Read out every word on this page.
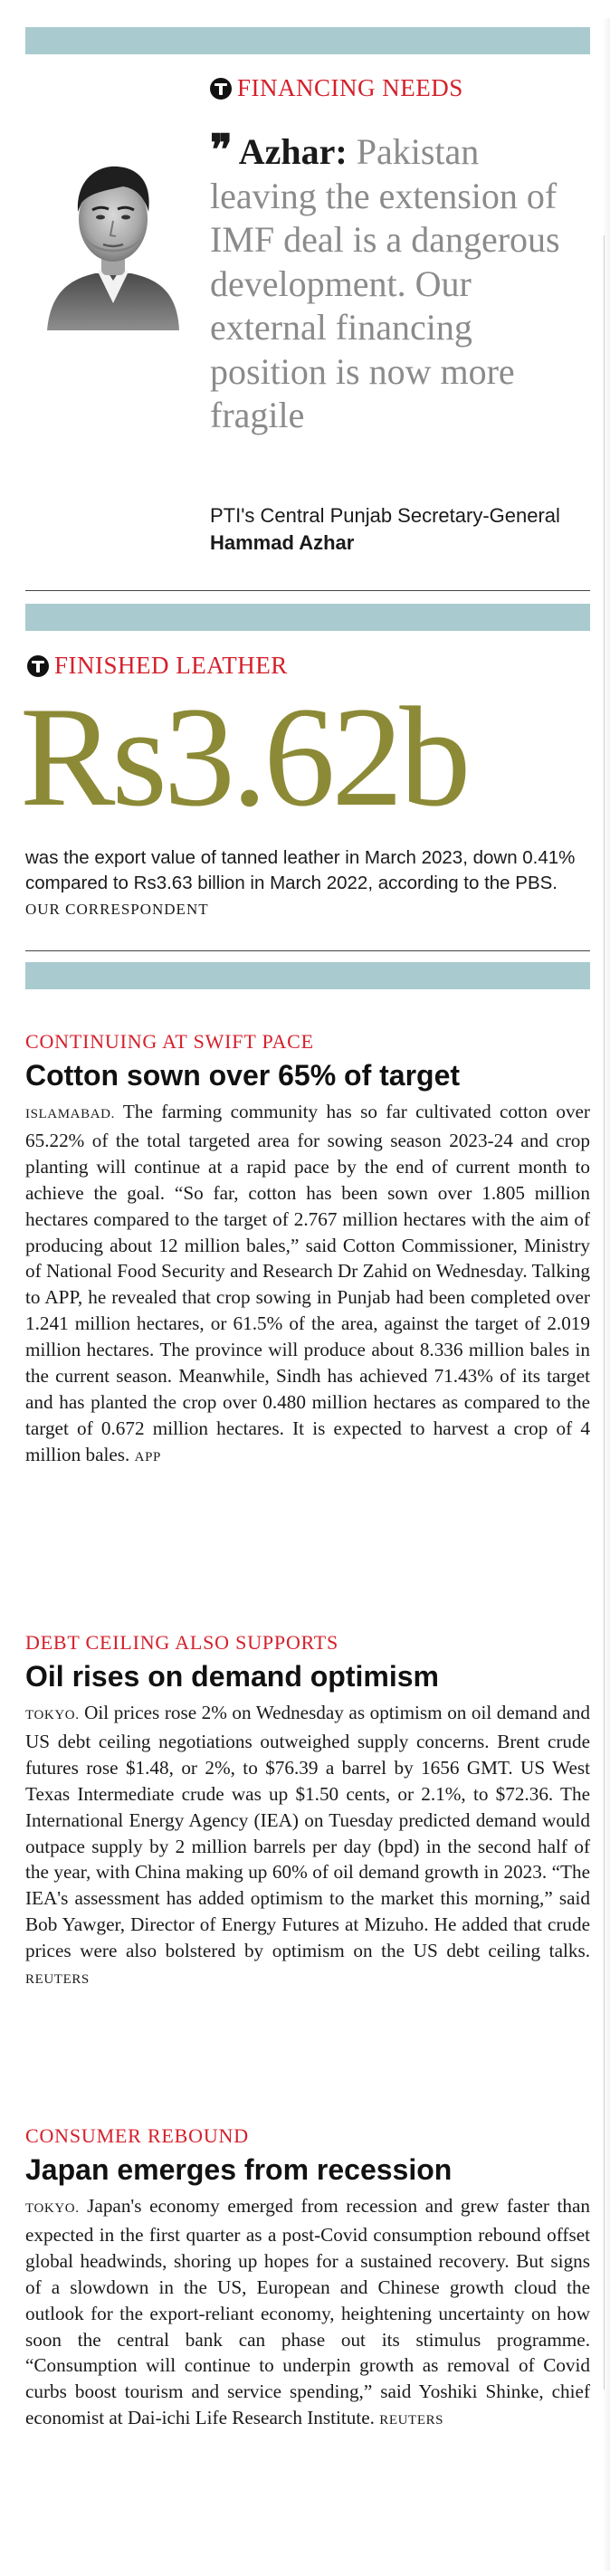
FINANCING NEEDS
❞ Azhar: Pakistan leaving the extension of IMF deal is a dangerous development. Our external financing position is now more fragile
PTI's Central Punjab Secretary-General Hammad Azhar
FINISHED LEATHER
Rs3.62b
was the export value of tanned leather in March 2023, down 0.41% compared to Rs3.63 billion in March 2022, according to the PBS. OUR CORRESPONDENT
CONTINUING AT SWIFT PACE
Cotton sown over 65% of target
ISLAMABAD. The farming community has so far cultivated cotton over 65.22% of the total targeted area for sowing season 2023-24 and crop planting will continue at a rapid pace by the end of current month to achieve the goal. “So far, cotton has been sown over 1.805 million hectares compared to the target of 2.767 million hectares with the aim of producing about 12 million bales,” said Cotton Commissioner, Ministry of National Food Security and Research Dr Zahid on Wednesday. Talking to APP, he revealed that crop sowing in Punjab had been completed over 1.241 million hectares, or 61.5% of the area, against the target of 2.019 million hectares. The province will produce about 8.336 million bales in the current season. Meanwhile, Sindh has achieved 71.43% of its target and has planted the crop over 0.480 million hectares as compared to the target of 0.672 million hectares. It is expected to harvest a crop of 4 million bales. APP
DEBT CEILING ALSO SUPPORTS
Oil rises on demand optimism
TOKYO. Oil prices rose 2% on Wednesday as optimism on oil demand and US debt ceiling negotiations outweighed supply concerns. Brent crude futures rose $1.48, or 2%, to $76.39 a barrel by 1656 GMT. US West Texas Intermediate crude was up $1.50 cents, or 2.1%, to $72.36. The International Energy Agency (IEA) on Tuesday predicted demand would outpace supply by 2 million barrels per day (bpd) in the second half of the year, with China making up 60% of oil demand growth in 2023. “The IEA's assessment has added optimism to the market this morning,” said Bob Yawger, Director of Energy Futures at Mizuho. He added that crude prices were also bolstered by optimism on the US debt ceiling talks. REUTERS
CONSUMER REBOUND
Japan emerges from recession
TOKYO. Japan's economy emerged from recession and grew faster than expected in the first quarter as a post-Covid consumption rebound offset global headwinds, shoring up hopes for a sustained recovery. But signs of a slowdown in the US, European and Chinese growth cloud the outlook for the export-reliant economy, heightening uncertainty on how soon the central bank can phase out its stimulus programme. “Consumption will continue to underpin growth as removal of Covid curbs boost tourism and service spending,” said Yoshiki Shinke, chief economist at Dai-ichi Life Research Institute. REUTERS
